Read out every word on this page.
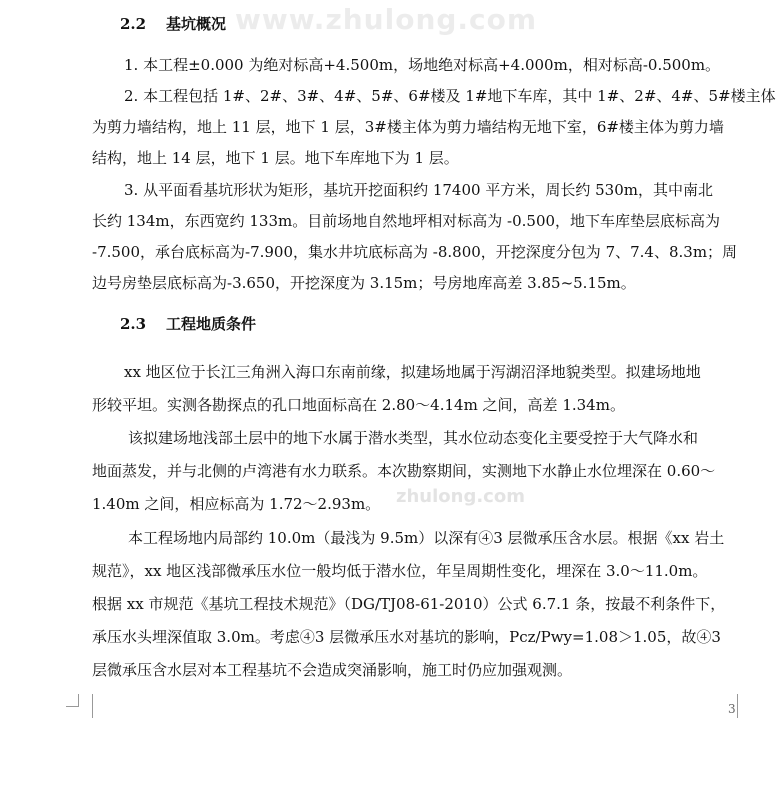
www.zhulong.com
zhulong.com
2.2 基坑概况
1. 本工程±0.000 为绝对标高+4.500m，场地绝对标高+4.000m，相对标高-0.500m。
2. 本工程包括 1#、2#、3#、4#、5#、6#楼及 1#地下车库，其中 1#、2#、4#、5#楼主体
为剪力墙结构，地上 11 层，地下 1 层，3#楼主体为剪力墙结构无地下室，6#楼主体为剪力墙
结构，地上 14 层，地下 1 层。地下车库地下为 1 层。
3. 从平面看基坑形状为矩形，基坑开挖面积约 17400 平方米，周长约 530m，其中南北
长约 134m，东西宽约 133m。目前场地自然地坪相对标高为 -0.500，地下车库垫层底标高为
-7.500，承台底标高为-7.900，集水井坑底标高为 -8.800，开挖深度分包为 7、7.4、8.3m；周
边号房垫层底标高为-3.650，开挖深度为 3.15m；号房地库高差 3.85~5.15m。
2.3 工程地质条件
xx 地区位于长江三角洲入海口东南前缘，拟建场地属于泻湖沼泽地貌类型。拟建场地地
形较平坦。实测各勘探点的孔口地面标高在 2.80～4.14m 之间，高差 1.34m。
该拟建场地浅部土层中的地下水属于潜水类型，其水位动态变化主要受控于大气降水和
地面蒸发，并与北侧的卢湾港有水力联系。本次勘察期间，实测地下水静止水位埋深在 0.60～
1.40m 之间，相应标高为 1.72～2.93m。
本工程场地内局部约 10.0m（最浅为 9.5m）以深有④3 层微承压含水层。根据《xx 岩土
规范》，xx 地区浅部微承压水位一般均低于潜水位，年呈周期性变化，埋深在 3.0～11.0m。
根据 xx 市规范《基坑工程技术规范》（DG/TJ08-61-2010）公式 6.7.1 条，按最不利条件下，
承压水头埋深值取 3.0m。考虑④3 层微承压水对基坑的影响，Pcz/Pwy=1.08＞1.05，故④3
层微承压含水层对本工程基坑不会造成突涌影响，施工时仍应加强观测。
3
